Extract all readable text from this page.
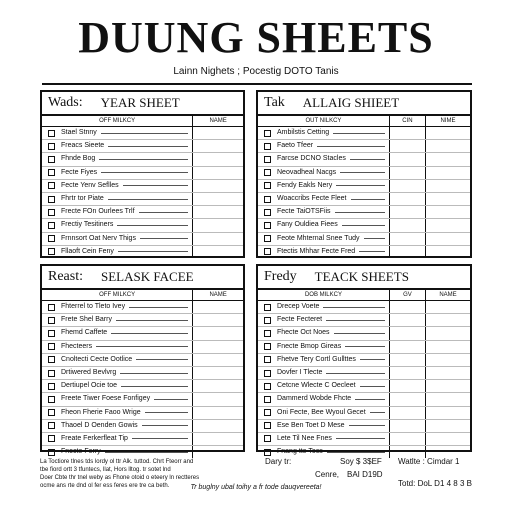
DUUNG SHEETS
Lainn Nighets ; Pocestig DOTO Tanis
Wads: YEAR SHEET
OFF MILKCY	NAME

Stael Stnny	

Freacs Sieete	

Fhnde Bog	

Fecte Fiyes	

Fecte Yenv Seflles	

Fhrtr tor Piate	

Frecte FOn Ourlees Trlf	

Frectiy Tesitiners	

Frnnsort Oat Nerv Thigs	

Fllaoft Cein Feny	

Tak ALLAIG SHIEET
OUT NILKCY	CIN	NIME

Ambilstis Cetting		

Faeto Tfeer		

Farcse DCNO Stacles		

Neovadheal Nacgs		

Fendy Eakls Nery		

Woaccribs Fecte Fleet		

Fecte TaiOTSFiis		

Fany Ouldiea Fiees		

Feote Mhternal Snee Tudy		

Ftectis Mhhar Fecte Fred		

Reast: SELASK FACEE
OFF MILKCY	NAME

Fhterrel to Tleto Ivey	

Frete Shel Barry	

Fhemd Caffete	

Fhecteers	

Cnoltecti Cecte Ootlice	

Drtiwered Bevlvrg	

Dertiupel Ocie toe	

Freete Tiwer Foese Fonfigey	

Fheon Fherie Faoo Wrige	

Thaoel D Oenden Gowis	

Freate Ferkerfleat Tip	

Fnocte Ferry	

Fredy TEACK SHEETS
DOB MILKCY	GV	NAME

Drecep Voete		

Fecte Fecteret		

Fhecte Oct Noes		

Fnecte Bmop Gireas		

Fhetve Tery Cortl Gullttes		

Dovfer I Tlecte		

Cetcne Wlecte C Oecleet		

Dammerd Wobde Fhcte		

Oni Fecte, Bee Wyoul Gecet		

Ese Ben Toet D Mese		

Lete Til Nee Fnes		

Fnang tte Tocs		

La Toctiore tlnes tds lordy ol ttr Alk. tuttod. Chrt Fteorr and
tbe fiord ortt 3 tfuntecs, llat, Hors lltog. tr sotet lnd
Doer Cbte thr tnel weby as Fhone otoid o eteery ln rectteres
ocme ans rte dnd ol fer ess feres ere tre ca beth.
Dary tr:	Soy $ 3$EF Watlte : Cimdar 1
Cenre, BAI D19D
Totd: DoL D1 4 8 3 B
Tr buglny ubal toihy a fr tode dauqvereeta!
